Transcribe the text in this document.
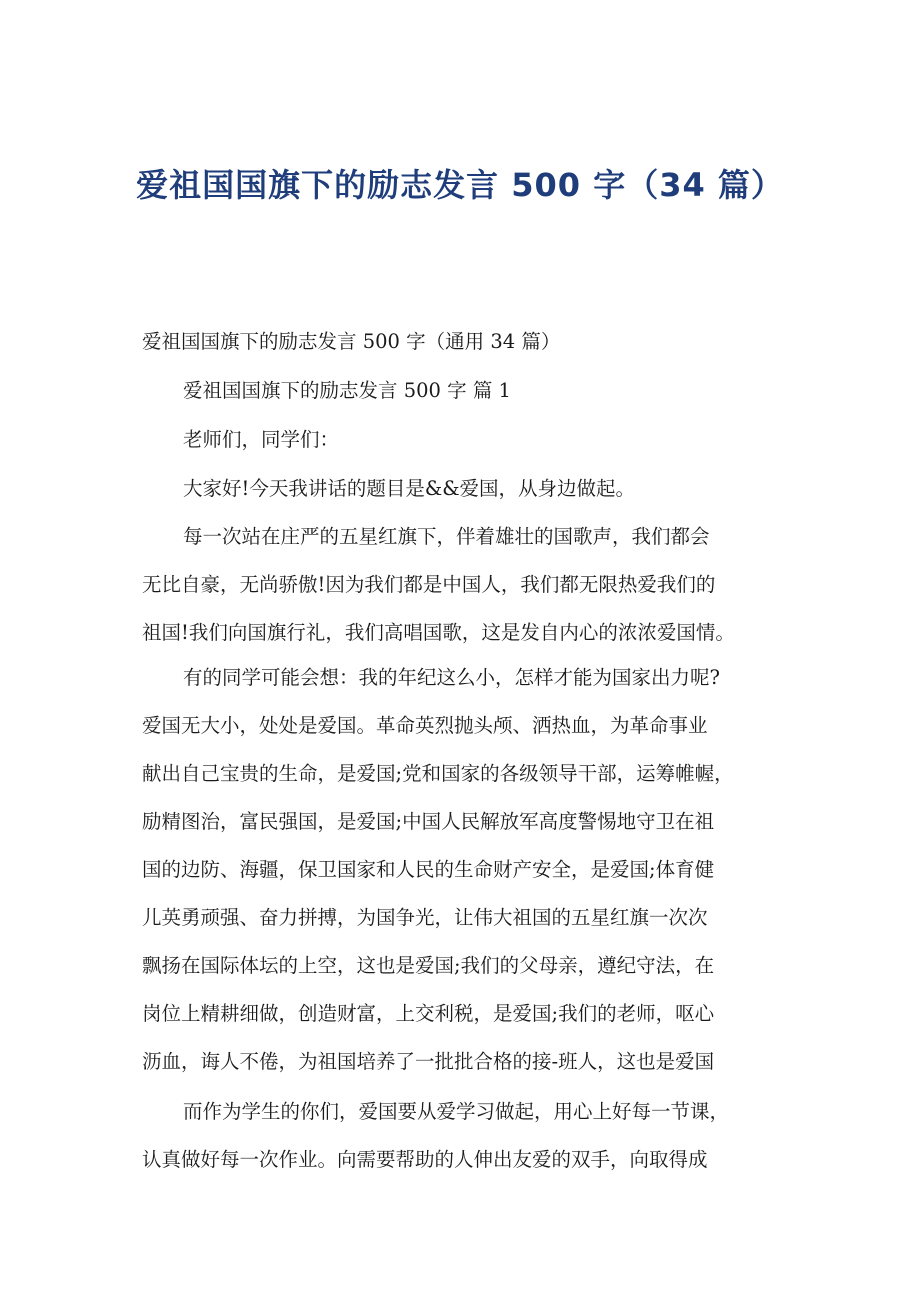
爱祖国国旗下的励志发言 500 字（34 篇）
爱祖国国旗下的励志发言 500 字（通用 34 篇）
爱祖国国旗下的励志发言 500 字 篇 1
老师们，同学们：
大家好!今天我讲话的题目是&&爱国，从身边做起。
每一次站在庄严的五星红旗下，伴着雄壮的国歌声，我们都会
无比自豪，无尚骄傲!因为我们都是中国人，我们都无限热爱我们的
祖国!我们向国旗行礼，我们高唱国歌，这是发自内心的浓浓爱国情。
有的同学可能会想：我的年纪这么小，怎样才能为国家出力呢?
爱国无大小，处处是爱国。革命英烈抛头颅、洒热血，为革命事业
献出自己宝贵的生命，是爱国;党和国家的各级领导干部，运筹帷幄，
励精图治，富民强国，是爱国;中国人民解放军高度警惕地守卫在祖
国的边防、海疆，保卫国家和人民的生命财产安全，是爱国;体育健
儿英勇顽强、奋力拼搏，为国争光，让伟大祖国的五星红旗一次次
飘扬在国际体坛的上空，这也是爱国;我们的父母亲，遵纪守法，在
岗位上精耕细做，创造财富，上交利税，是爱国;我们的老师，呕心
沥血，诲人不倦，为祖国培养了一批批合格的接-班人，这也是爱国
而作为学生的你们，爱国要从爱学习做起，用心上好每一节课，
认真做好每一次作业。向需要帮助的人伸出友爱的双手，向取得成
